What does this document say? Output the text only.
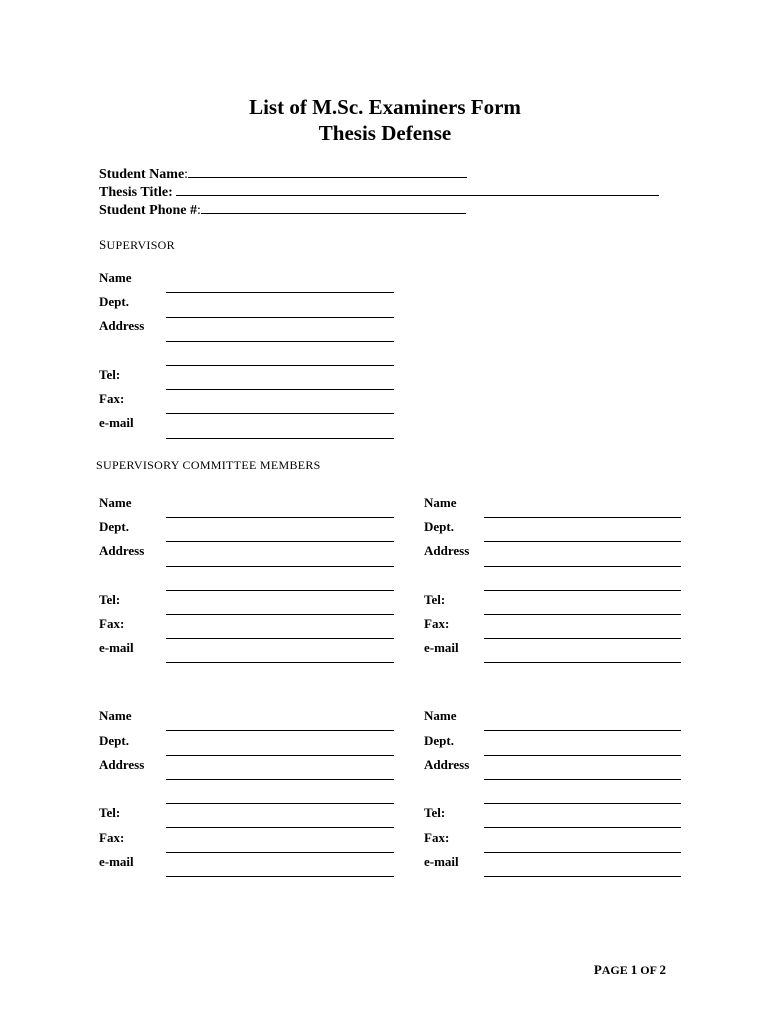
List of M.Sc. Examiners Form
Thesis Defense
Student Name:
Thesis Title:
Student Phone #:
SUPERVISOR
Name
Dept.
Address
Tel:
Fax:
e-mail
SUPERVISORY COMMITTEE MEMBERS
Name
Dept.
Address
Tel:
Fax:
e-mail
Name
Dept.
Address
Tel:
Fax:
e-mail
Name
Dept.
Address
Tel:
Fax:
e-mail
Name
Dept.
Address
Tel:
Fax:
e-mail
PAGE 1 OF 2
